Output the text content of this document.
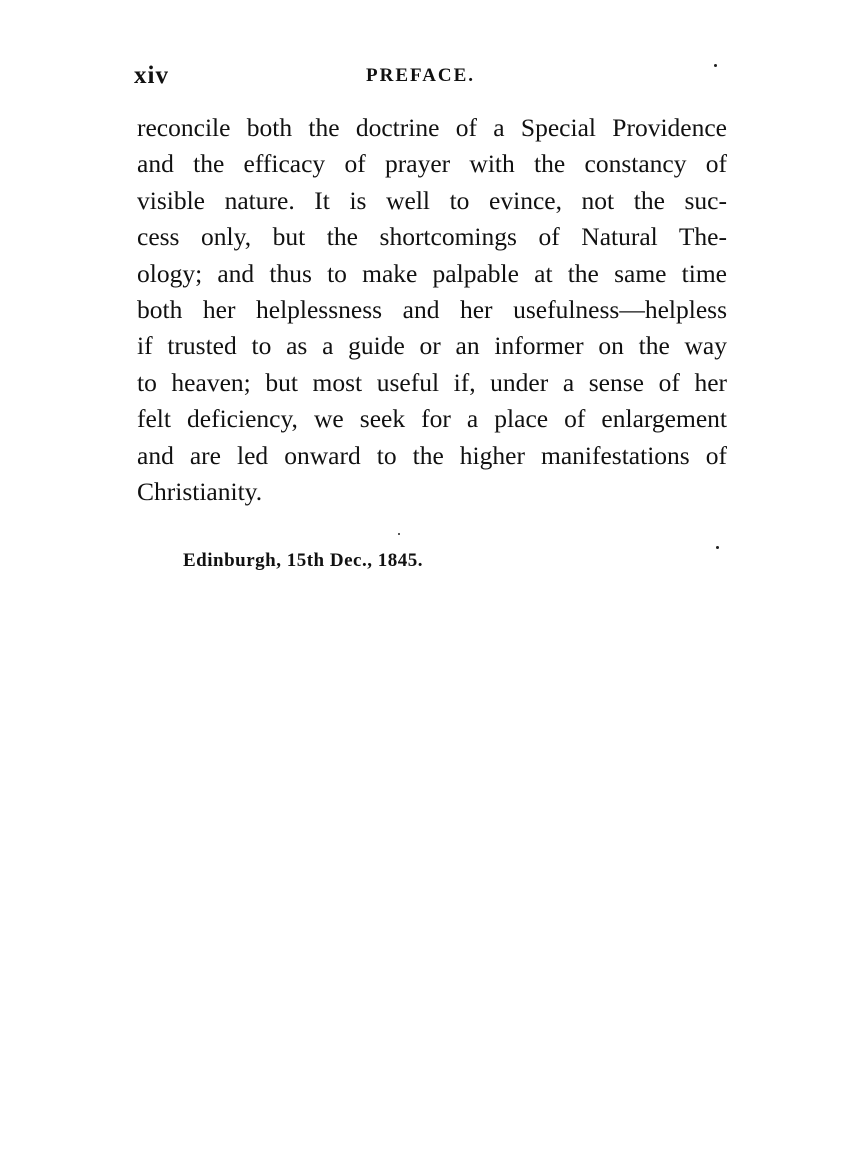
xiv	PREFACE.
reconcile both the doctrine of a Special Providence
and the efficacy of prayer with the constancy of
visible nature. It is well to evince, not the suc-
cess only, but the shortcomings of Natural The-
ology; and thus to make palpable at the same time
both her helplessness and her usefulness—helpless
if trusted to as a guide or an informer on the way
to heaven; but most useful if, under a sense of her
felt deficiency, we seek for a place of enlargement
and are led onward to the higher manifestations of
Christianity.
Edinburgh, 15th Dec., 1845.
